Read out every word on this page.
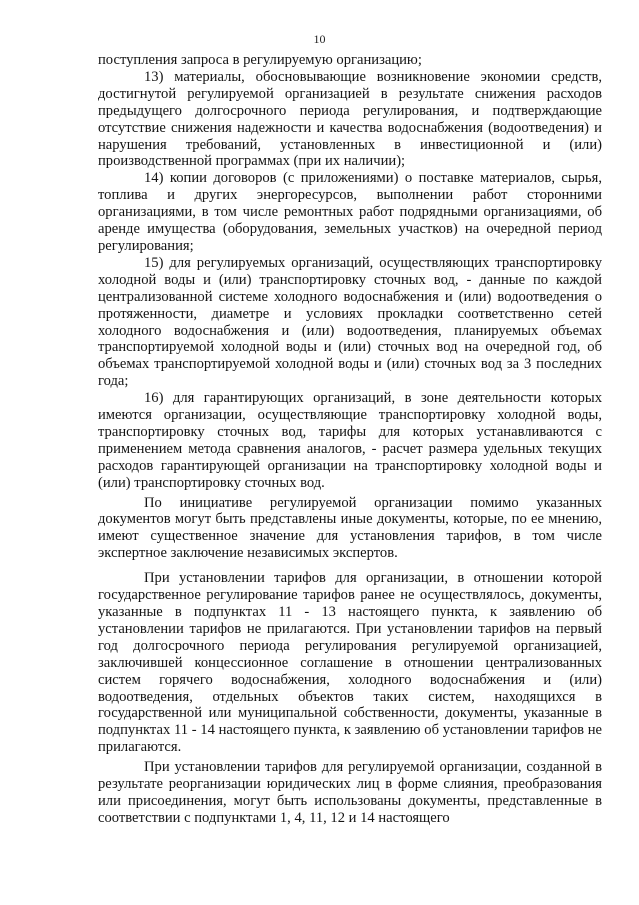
10

поступления запроса в регулируемую организацию;

13) материалы, обосновывающие возникновение экономии средств, достигнутой регулируемой организацией в результате снижения расходов предыдущего долгосрочного периода регулирования, и подтверждающие отсутствие снижения надежности и качества водоснабжения (водоотведения) и нарушения требований, установленных в инвестиционной и (или) производственной программах (при их наличии);

14) копии договоров (с приложениями) о поставке материалов, сырья, топлива и других энергоресурсов, выполнении работ сторонними организациями, в том числе ремонтных работ подрядными организациями, об аренде имущества (оборудования, земельных участков) на очередной период регулирования;

15) для регулируемых организаций, осуществляющих транспортировку холодной воды и (или) транспортировку сточных вод, - данные по каждой централизованной системе холодного водоснабжения и (или) водоотведения о протяженности, диаметре и условиях прокладки соответственно сетей холодного водоснабжения и (или) водоотведения, планируемых объемах транспортируемой холодной воды и (или) сточных вод на очередной год, об объемах транспортируемой холодной воды и (или) сточных вод за 3 последних года;

16) для гарантирующих организаций, в зоне деятельности которых имеются организации, осуществляющие транспортировку холодной воды, транспортировку сточных вод, тарифы для которых устанавливаются с применением метода сравнения аналогов, - расчет размера удельных текущих расходов гарантирующей организации на транспортировку холодной воды и (или) транспортировку сточных вод.

По инициативе регулируемой организации помимо указанных документов могут быть представлены иные документы, которые, по ее мнению, имеют существенное значение для установления тарифов, в том числе экспертное заключение независимых экспертов.

При установлении тарифов для организации, в отношении которой государственное регулирование тарифов ранее не осуществлялось, документы, указанные в подпунктах 11 - 13 настоящего пункта, к заявлению об установлении тарифов не прилагаются. При установлении тарифов на первый год долгосрочного периода регулирования регулируемой организацией, заключившей концессионное соглашение в отношении централизованных систем горячего водоснабжения, холодного водоснабжения и (или) водоотведения, отдельных объектов таких систем, находящихся в государственной или муниципальной собственности, документы, указанные в подпунктах 11 - 14 настоящего пункта, к заявлению об установлении тарифов не прилагаются.

При установлении тарифов для регулируемой организации, созданной в результате реорганизации юридических лиц в форме слияния, преобразования или присоединения, могут быть использованы документы, представленные в соответствии с подпунктами 1, 4, 11, 12 и 14 настоящего
